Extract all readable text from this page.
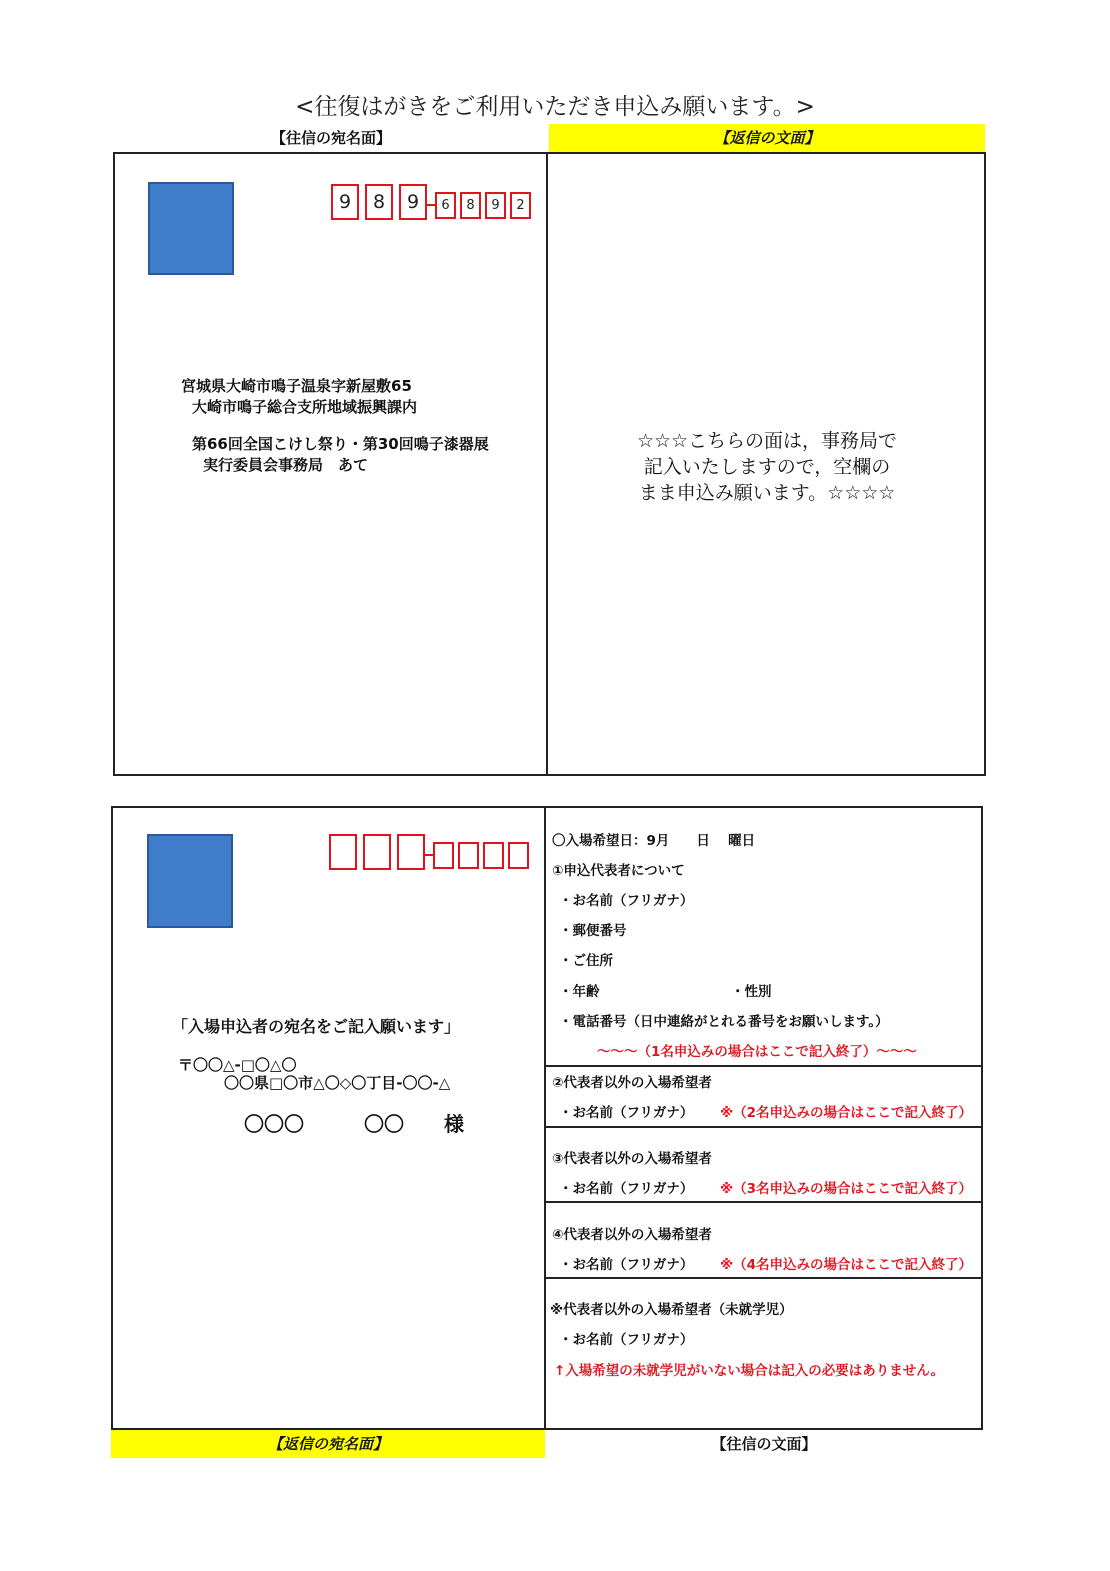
<往復はがきをご利用いただき申込み願います。>
【往信の宛名面】	【返信の文面】
9	8	9	6	8	9	2
宮城県大崎市鳴子温泉字新屋敷65
大崎市鳴子総合支所地域振興課内
第66回全国こけし祭り・第30回鳴子漆器展
実行委員会事務局　あて
☆☆☆こちらの面は，事務局で
記入いたしますので，空欄の
まま申込み願います。☆☆☆☆
「入場申込者の宛名をご記入願います」
〒〇〇△-□〇△〇
〇〇県□〇市△〇◇〇丁目-〇〇-△
〇〇〇　　　〇〇　　様
〇入場希望日：9月　　日　 曜日
①申込代表者について
・お名前（フリガナ）
・郵便番号
・ご住所
・年齢	・性別
・電話番号（日中連絡がとれる番号をお願いします。）
～～～（1名申込みの場合はここで記入終了）～～～
②代表者以外の入場希望者
・お名前（フリガナ） ※（2名申込みの場合はここで記入終了）
③代表者以外の入場希望者
・お名前（フリガナ） ※（3名申込みの場合はここで記入終了）
④代表者以外の入場希望者
・お名前（フリガナ） ※（4名申込みの場合はここで記入終了）
※代表者以外の入場希望者（未就学児）
・お名前（フリガナ）
↑入場希望の未就学児がいない場合は記入の必要はありません。
【返信の宛名面】	【往信の文面】
